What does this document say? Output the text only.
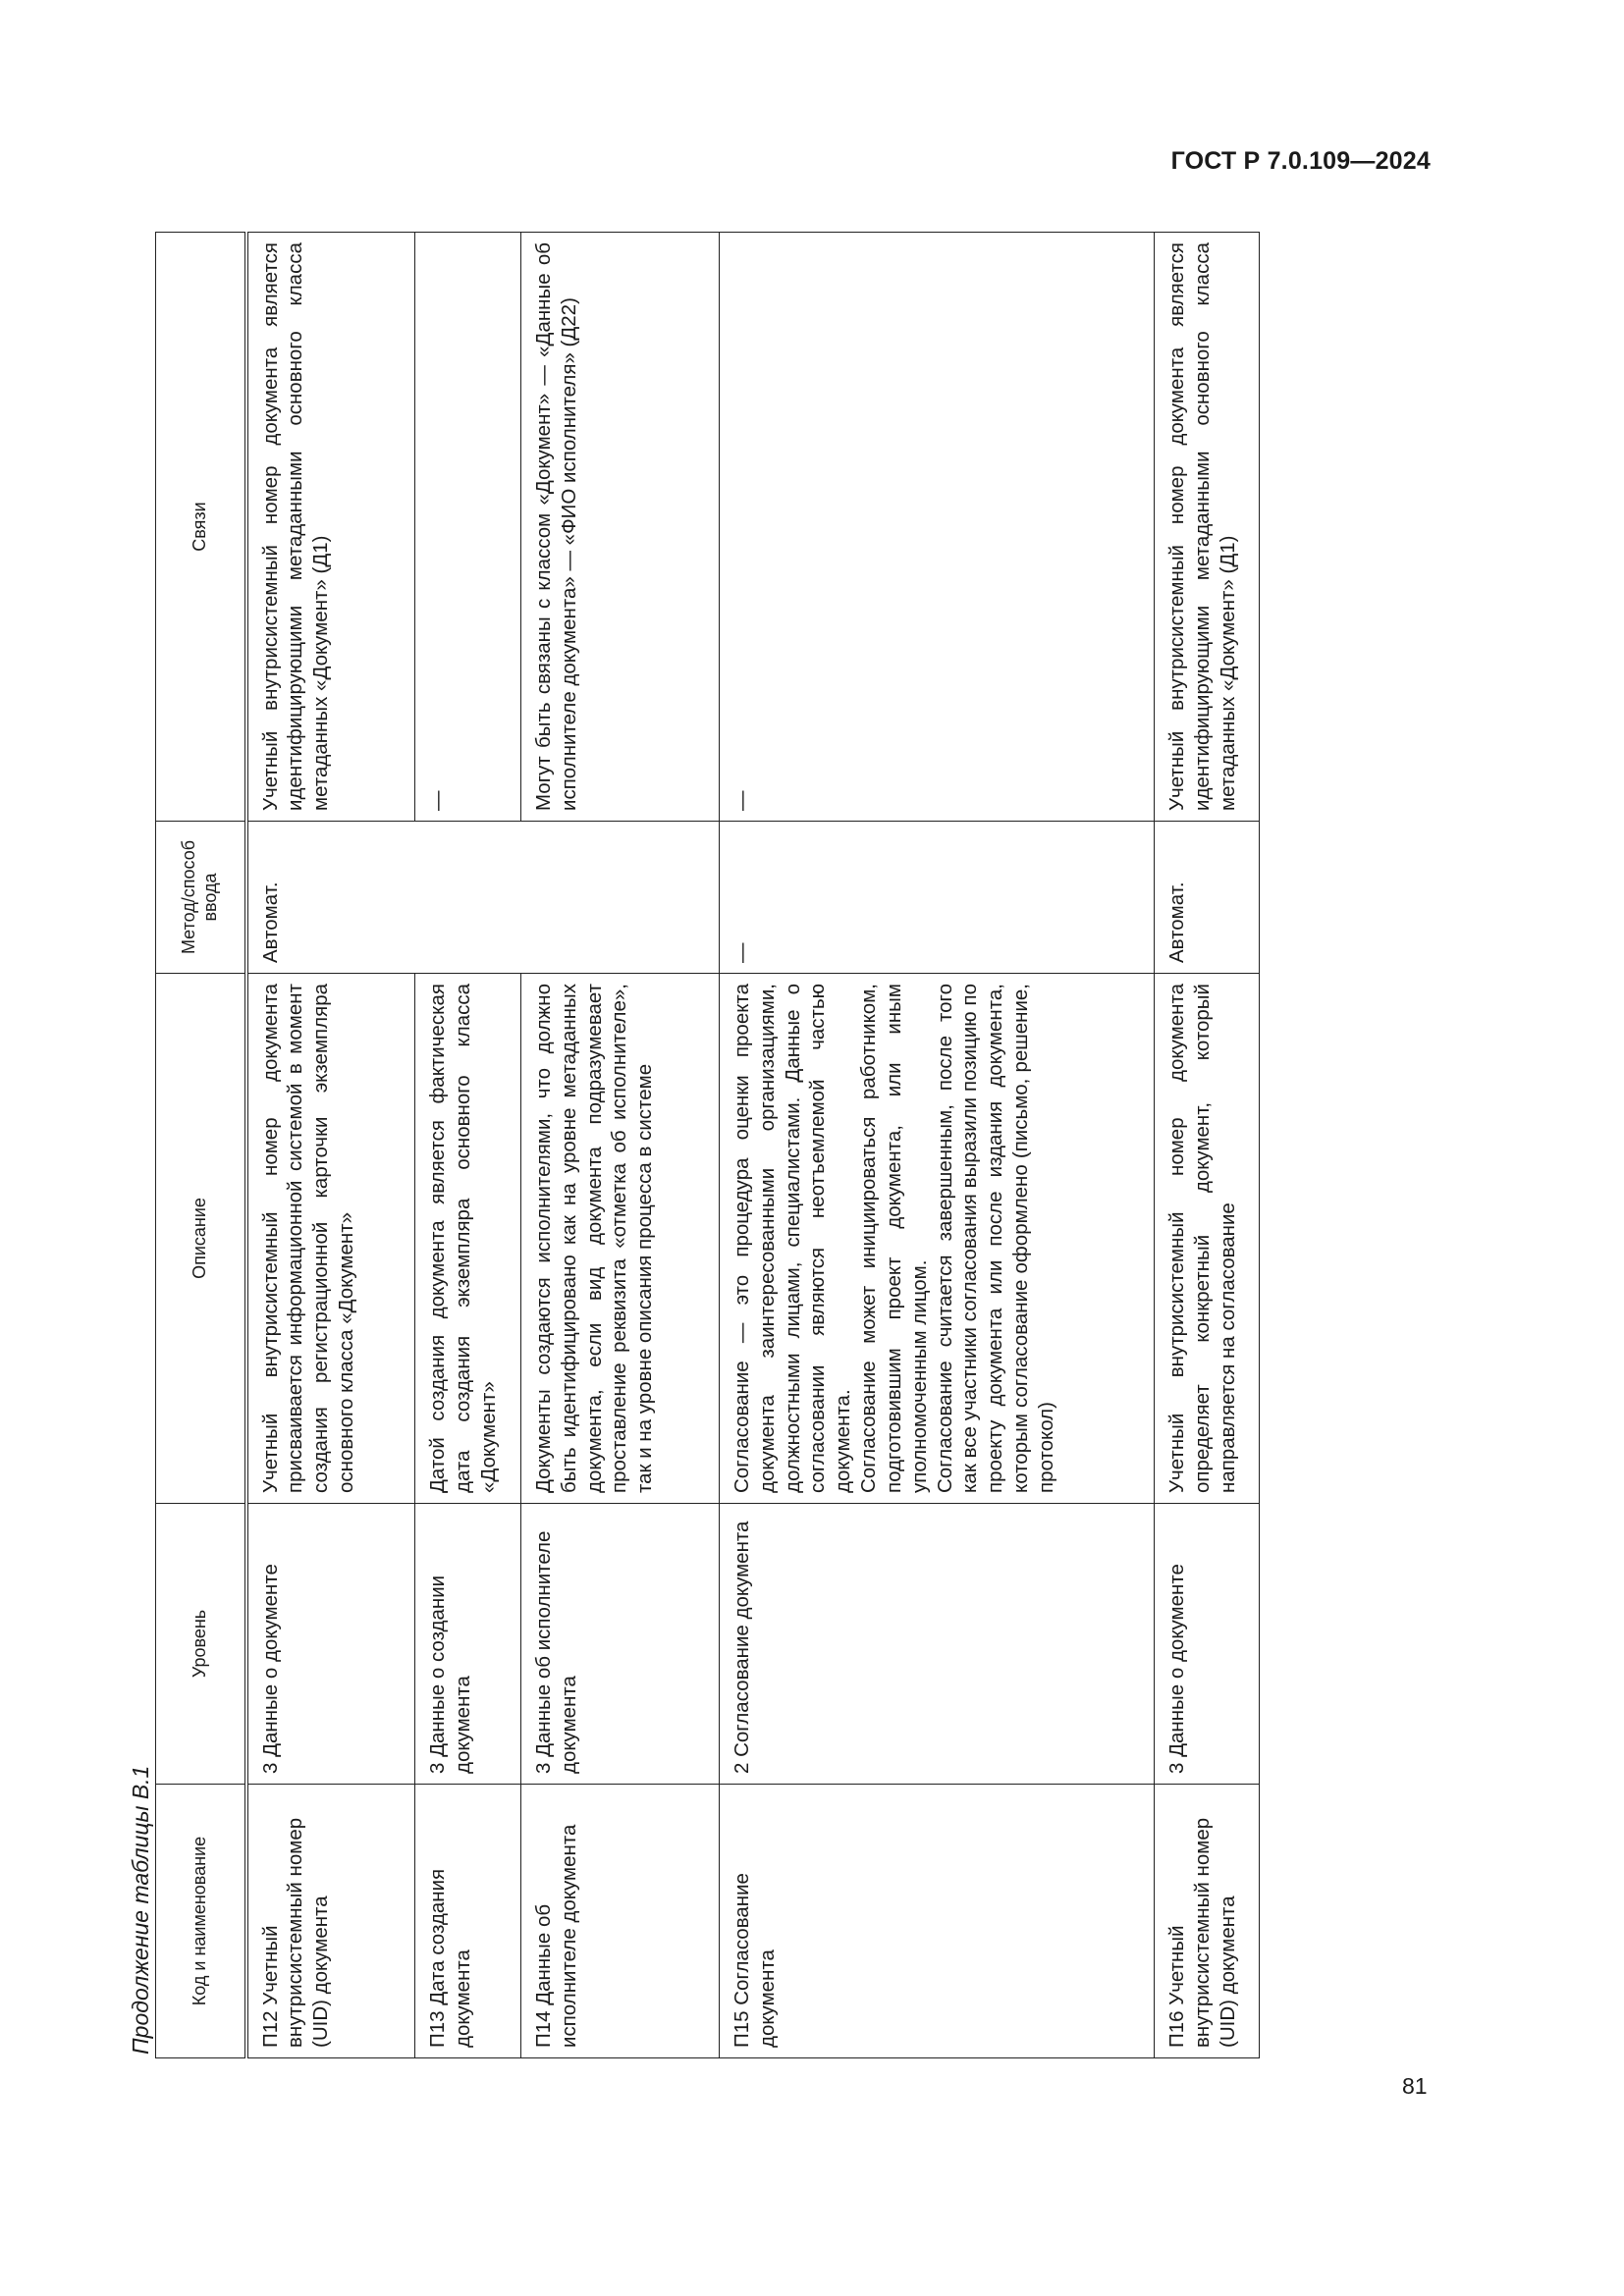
ГОСТ Р 7.0.109—2024
Продолжение таблицы В.1 Код и наименование	Уровень	Описание	Метод/способ ввода	Связи
П12 Учетный внутрисистемный номер (UID) документа	3 Данные о документе	Учетный внутрисистемный номер документа присваивается информационной системой в момент создания регистрационной карточки экземпляра основного класса «Документ»	Автомат.	Учетный внутрисистемный номер документа является идентифицирующими метаданными основного класса метаданных «Документ» (Д1)
П13 Дата создания документа	3 Данные о создании документа	Датой создания документа является фактическая дата создания экземпляра основного класса «Документ»		—

П14 Данные об исполнителе документа	3 Данные об исполнителе документа	Документы создаются исполнителями, что должно быть идентифицировано как на уровне метаданных документа, если вид документа подразумевает проставление реквизита «отметка об исполнителе», так и на уровне описания процесса в системе		Могут быть связаны с классом «Документ» — «Данные об исполнителе документа» — «ФИО исполнителя» (Д22)
П15 Согласование документа	2 Согласование документа	Согласование — это процедура оценки проекта документа заинтересованными организациями, должностными лицами, специалистами. Данные о согласовании являются неотъемлемой частью документа. Согласование может инициироваться работником, подготовившим проект документа, или иным уполномоченным лицом. Согласование считается завершенным, после того как все участники согласования выразили позицию по проекту документа или после издания документа, которым согласование оформлено (письмо, решение, протокол)	—	—

П16 Учетный внутрисистемный номер (UID) документа	3 Данные о документе	Учетный внутрисистемный номер документа определяет конкретный документ, который направляется на согласование	Автомат.	Учетный внутрисистемный номер документа является идентифицирующими метаданными основного класса метаданных «Документ» (Д1)
81
